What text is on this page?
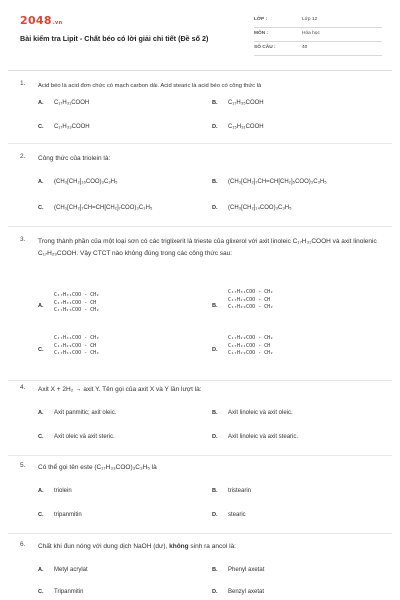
2048.vn
Bài kiểm tra Lipit - Chất béo có lời giải chi tiết (Đề số 2)
LỚP :	Lớp 12
MÔN :	Hóa học
SỐ CÂU :	40
1. Acid béo là acid đơn chức có mạch carbon dài. Acid stearic là acid béo có công thức là
A. C₁₇H₃₁COOH	B. C₁₇H₃₅COOH
C. C₁₇H₃₃COOH	D. C₁₅H₃₁COOH
2. Công thức của triolein là:
A. (CH₃[CH₂]₁₆COO)₃C₃H₅	B. (CH₃[CH₂]₇CH=CH[CH₂]₅COO)₃C₃H₅
C. (CH₃[CH₂]₇CH=CH[CH₂]₇COO)₃C₃H₅	D. (CH₃[CH₂]₁₄COO)₃C₃H₅
3. Trong thành phần của một loại sơn có các triglixerit là trieste của glixerol với axit linoleic C₁₇H₃₁COOH và axit linolenic C₁₇H₂₉COOH. Vậy CTCT nào không đúng trong các công thức sau:
A.
C₁₇H₃₁COO - CH₂
C₁₇H₃₁COO - CH
C₁₇H₂₉COO - CH₂
B.
C₁₇H₃₁COO - CH₂
C₁₇H₂₉COO - CH
C₁₇H₂₉COO - CH₂
C.
C₁₇H₃₁COO - CH₂
C₁₇H₂₉COO - CH
C₁₇H₃₁COO - CH₂	D.
C₁₇H₂₉COO - CH₂
C₁₇H₃₁COO - CH
C₁₇H₂₉COO - CH₂
4. Axit X + 2H₂ → axit Y. Tên gọi của axit X và Y lần lượt là:
A. Axit panmitic; axit oleic.	B. Axit linoleic và axit oleic.
C. Axit oleic và axit steric.	D. Axit linoleic và axit stearic.
5. Có thể gọi tên este (C₁₇H₃₃COO)₃C₃H₅ là
A. triolein	B. tristearin
C. tripanmitin	D. stearic
6. Chất khi đun nóng với dung dịch NaOH (dư), không sinh ra ancol là:
A. Metyl acrylat	B. Phenyl axetat
C. Tripanmitin	D. Benzyl axetat
